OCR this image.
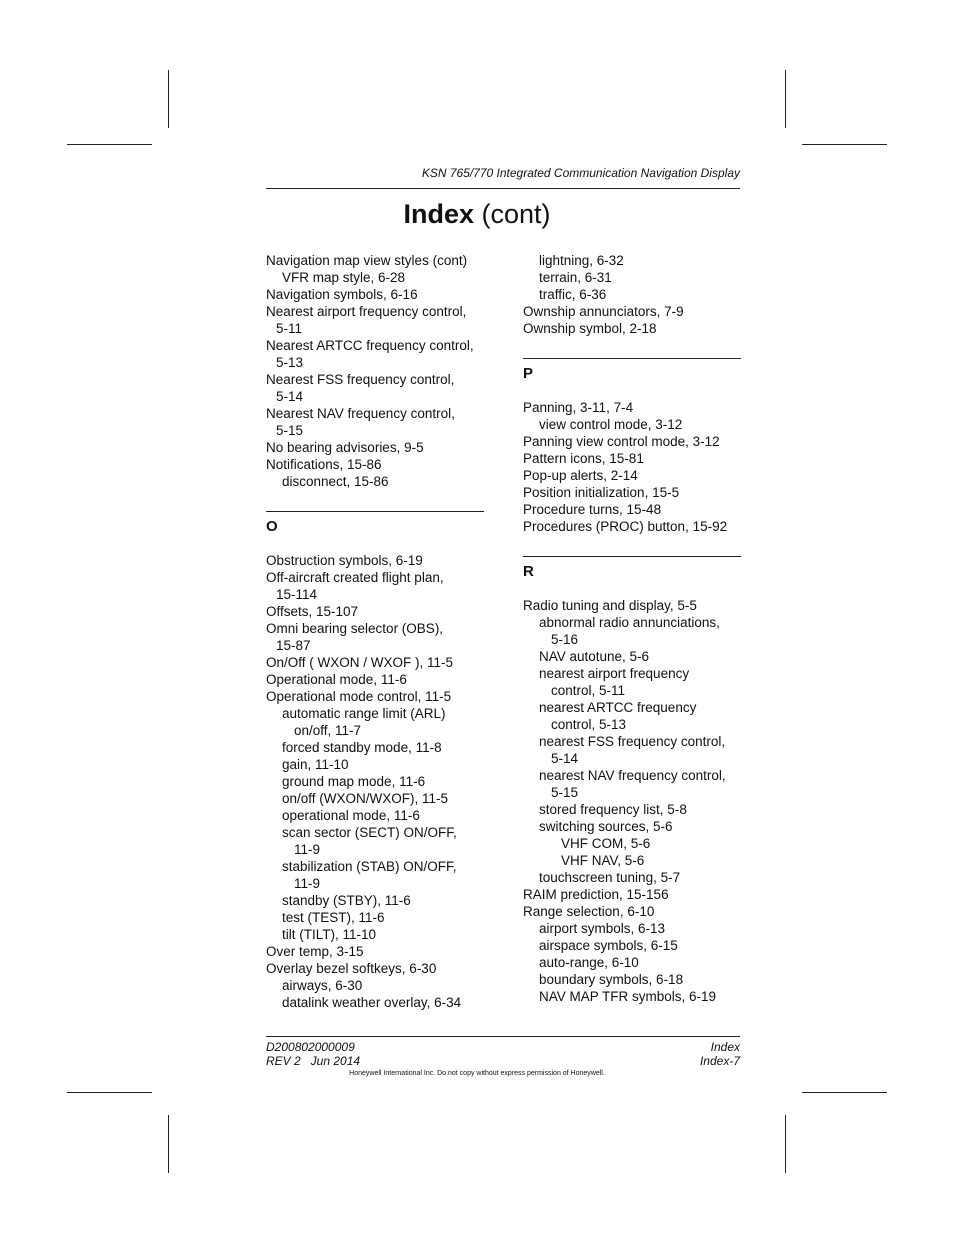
KSN 765/770 Integrated Communication Navigation Display
Index (cont)
Navigation map view styles (cont)
VFR map style, 6-28
Navigation symbols, 6-16
Nearest airport frequency control,
5-11
Nearest ARTCC frequency control,
5-13
Nearest FSS frequency control,
5-14
Nearest NAV frequency control,
5-15
No bearing advisories, 9-5
Notifications, 15-86
disconnect, 15-86
O
Obstruction symbols, 6-19
Off-aircraft created flight plan,
15-114
Offsets, 15-107
Omni bearing selector (OBS),
15-87
On/Off ( WXON / WXOF ), 11-5
Operational mode, 11-6
Operational mode control, 11-5
automatic range limit (ARL)
on/off, 11-7
forced standby mode, 11-8
gain, 11-10
ground map mode, 11-6
on/off (WXON/WXOF), 11-5
operational mode, 11-6
scan sector (SECT) ON/OFF,
11-9
stabilization (STAB) ON/OFF,
11-9
standby (STBY), 11-6
test (TEST), 11-6
tilt (TILT), 11-10
Over temp, 3-15
Overlay bezel softkeys, 6-30
airways, 6-30
datalink weather overlay, 6-34
lightning, 6-32
terrain, 6-31
traffic, 6-36
Ownship annunciators, 7-9
Ownship symbol, 2-18
P
Panning, 3-11, 7-4
view control mode, 3-12
Panning view control mode, 3-12
Pattern icons, 15-81
Pop-up alerts, 2-14
Position initialization, 15-5
Procedure turns, 15-48
Procedures (PROC) button, 15-92
R
Radio tuning and display, 5-5
abnormal radio annunciations,
5-16
NAV autotune, 5-6
nearest airport frequency
control, 5-11
nearest ARTCC frequency
control, 5-13
nearest FSS frequency control,
5-14
nearest NAV frequency control,
5-15
stored frequency list, 5-8
switching sources, 5-6
VHF COM, 5-6
VHF NAV, 5-6
touchscreen tuning, 5-7
RAIM prediction, 15-156
Range selection, 6-10
airport symbols, 6-13
airspace symbols, 6-15
auto-range, 6-10
boundary symbols, 6-18
NAV MAP TFR symbols, 6-19
D200802000009
REV 2   Jun 2014
Index
Index-7
Honeywell International Inc. Do not copy without express permission of Honeywell.
